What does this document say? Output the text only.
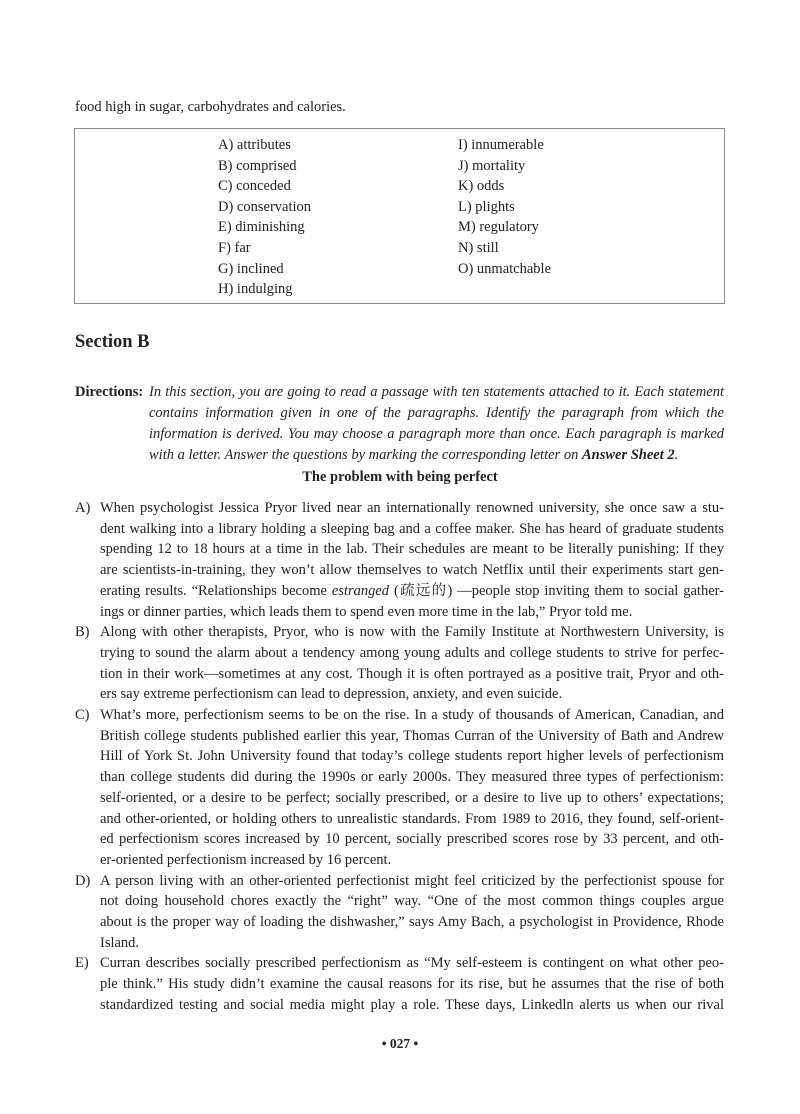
food high in sugar, carbohydrates and calories.
Section B
Directions:
The problem with being perfect
• 027 •
A) attributes
B) comprised
C) conceded
D) conservation
E) diminishing
F) far
G) inclined
H) indulging
I) innumerable
J) mortality
K) odds
L) plights
M) regulatory
N) still
O) unmatchable
In this section, you are going to read a passage with ten statements attached to it. Each statement
contains information given in one of the paragraphs. Identify the paragraph from which the
information is derived. You may choose a paragraph more than once. Each paragraph is marked
with a letter. Answer the questions by marking the corresponding letter on Answer Sheet 2.
A) When psychologist Jessica Pryor lived near an internationally renowned university, she once saw a stu-
dent walking into a library holding a sleeping bag and a coffee maker. She has heard of graduate students
spending 12 to 18 hours at a time in the lab. Their schedules are meant to be literally punishing: If they
are scientists-in-training, they won’t allow themselves to watch Netflix until their experiments start gen-
erating results. “Relationships become estranged (疏远的) —people stop inviting them to social gather-
ings or dinner parties, which leads them to spend even more time in the lab,” Pryor told me.
B) Along with other therapists, Pryor, who is now with the Family Institute at Northwestern University, is
trying to sound the alarm about a tendency among young adults and college students to strive for perfec-
tion in their work—sometimes at any cost. Though it is often portrayed as a positive trait, Pryor and oth-
ers say extreme perfectionism can lead to depression, anxiety, and even suicide.
C) What’s more, perfectionism seems to be on the rise. In a study of thousands of American, Canadian, and
British college students published earlier this year, Thomas Curran of the University of Bath and Andrew
Hill of York St. John University found that today’s college students report higher levels of perfectionism
than college students did during the 1990s or early 2000s. They measured three types of perfectionism:
self-oriented, or a desire to be perfect; socially prescribed, or a desire to live up to others’ expectations;
and other-oriented, or holding others to unrealistic standards. From 1989 to 2016, they found, self-orient-
ed perfectionism scores increased by 10 percent, socially prescribed scores rose by 33 percent, and oth-
er-oriented perfectionism increased by 16 percent.
D) A person living with an other-oriented perfectionist might feel criticized by the perfectionist spouse for
not doing household chores exactly the “right” way. “One of the most common things couples argue
about is the proper way of loading the dishwasher,” says Amy Bach, a psychologist in Providence, Rhode
Island.
E) Curran describes socially prescribed perfectionism as “My self-esteem is contingent on what other peo-
ple think.” His study didn’t examine the causal reasons for its rise, but he assumes that the rise of both
standardized testing and social media might play a role. These days, Linkedln alerts us when our rival
